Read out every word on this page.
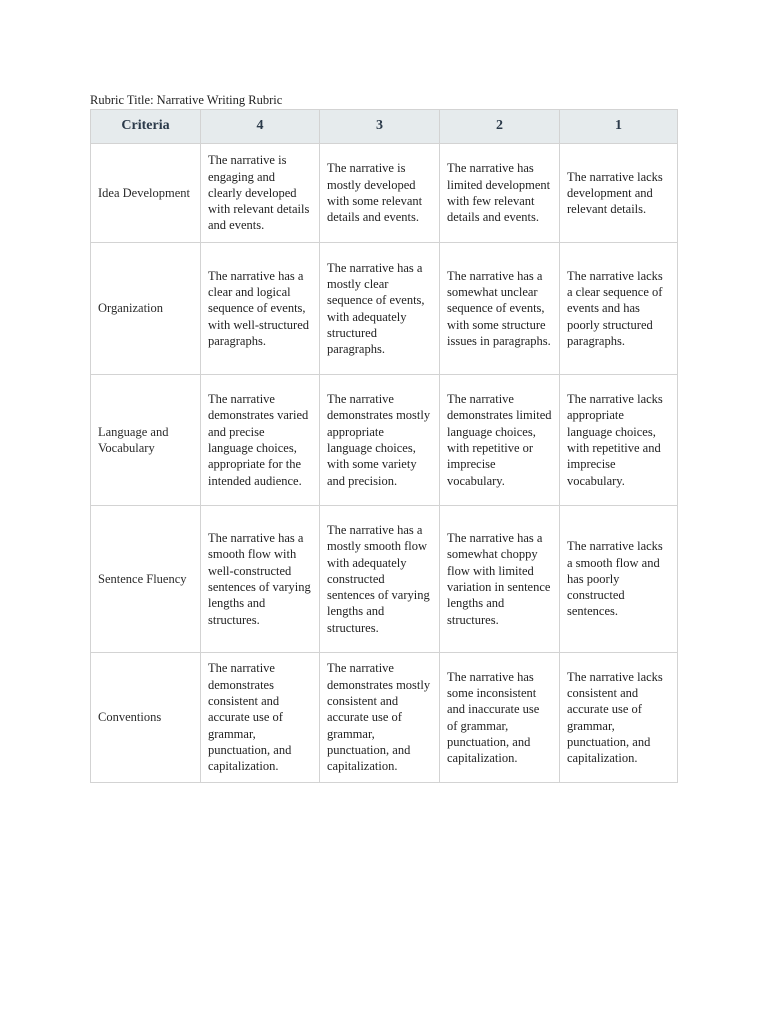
Rubric Title: Narrative Writing Rubric
Criteria	4	3	2	1
Idea Development	The narrative is engaging and clearly developed with relevant details and events.	The narrative is mostly developed with some relevant details and events.	The narrative has limited development with few relevant details and events.	The narrative lacks development and relevant details.
Organization	The narrative has a clear and logical sequence of events, with well-structured paragraphs.	The narrative has a mostly clear sequence of events, with adequately structured paragraphs.	The narrative has a somewhat unclear sequence of events, with some structure issues in paragraphs.	The narrative lacks a clear sequence of events and has poorly structured paragraphs.
Language and Vocabulary	The narrative demonstrates varied and precise language choices, appropriate for the intended audience.	The narrative demonstrates mostly appropriate language choices, with some variety and precision.	The narrative demonstrates limited language choices, with repetitive or imprecise vocabulary.	The narrative lacks appropriate language choices, with repetitive and imprecise vocabulary.
Sentence Fluency	The narrative has a smooth flow with well-constructed sentences of varying lengths and structures.	The narrative has a mostly smooth flow with adequately constructed sentences of varying lengths and structures.	The narrative has a somewhat choppy flow with limited variation in sentence lengths and structures.	The narrative lacks a smooth flow and has poorly constructed sentences.
Conventions	The narrative demonstrates consistent and accurate use of grammar, punctuation, and capitalization.	The narrative demonstrates mostly consistent and accurate use of grammar, punctuation, and capitalization.	The narrative has some inconsistent and inaccurate use of grammar, punctuation, and capitalization.	The narrative lacks consistent and accurate use of grammar, punctuation, and capitalization.
